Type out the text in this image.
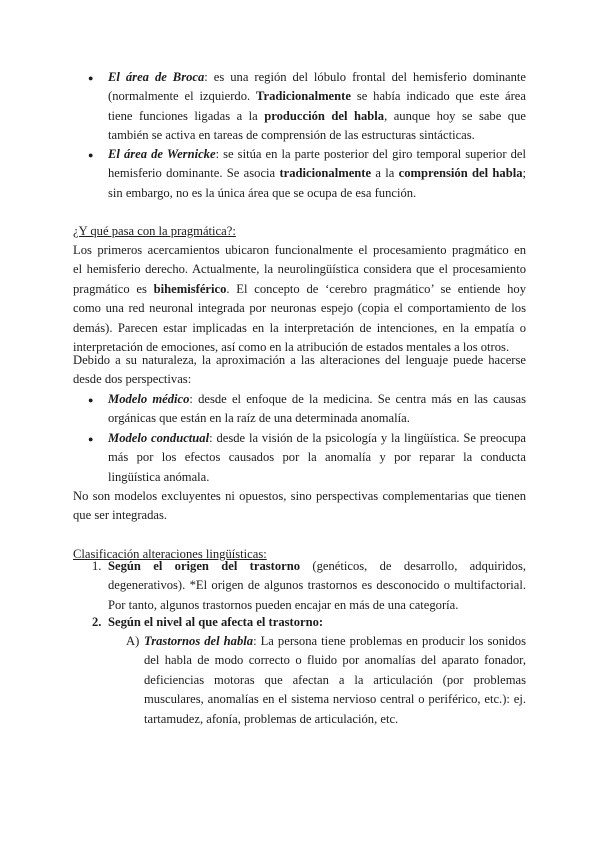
● El área de Broca: es una región del lóbulo frontal del hemisferio dominante
(normalmente el izquierdo. Tradicionalmente se había indicado que este área
tiene funciones ligadas a la producción del habla, aunque hoy se sabe que
también se activa en tareas de comprensión de las estructuras sintácticas.
● El área de Wernicke: se sitúa en la parte posterior del giro temporal superior del
hemisferio dominante. Se asocia tradicionalmente a la comprensión del habla;
sin embargo, no es la única área que se ocupa de esa función.
¿Y qué pasa con la pragmática?:
Los primeros acercamientos ubicaron funcionalmente el procesamiento pragmático en
el hemisferio derecho. Actualmente, la neurolingüística considera que el procesamiento
pragmático es bihemisférico. El concepto de ‘cerebro pragmático’ se entiende hoy
como una red neuronal integrada por neuronas espejo (copia el comportamiento de los
demás). Parecen estar implicadas en la interpretación de intenciones, en la empatía o
interpretación de emociones, así como en la atribución de estados mentales a los otros.
Debido a su naturaleza, la aproximación a las alteraciones del lenguaje puede hacerse
desde dos perspectivas:
● Modelo médico: desde el enfoque de la medicina. Se centra más en las causas
orgánicas que están en la raíz de una determinada anomalía.
● Modelo conductual: desde la visión de la psicología y la lingüística. Se preocupa
más por los efectos causados por la anomalía y por reparar la conducta
lingüística anómala.
No son modelos excluyentes ni opuestos, sino perspectivas complementarias que tienen
que ser integradas.
Clasificación alteraciones lingüísticas:
1. Según el origen del trastorno (genéticos, de desarrollo, adquiridos,
degenerativos). *El origen de algunos trastornos es desconocido o multifactorial.
Por tanto, algunos trastornos pueden encajar en más de una categoría.
2. Según el nivel al que afecta el trastorno:
A) Trastornos del habla: La persona tiene problemas en producir los sonidos
del habla de modo correcto o fluido por anomalías del aparato fonador,
deficiencias motoras que afectan a la articulación (por problemas
musculares, anomalías en el sistema nervioso central o periférico, etc.): ej.
tartamudez, afonía, problemas de articulación, etc.
